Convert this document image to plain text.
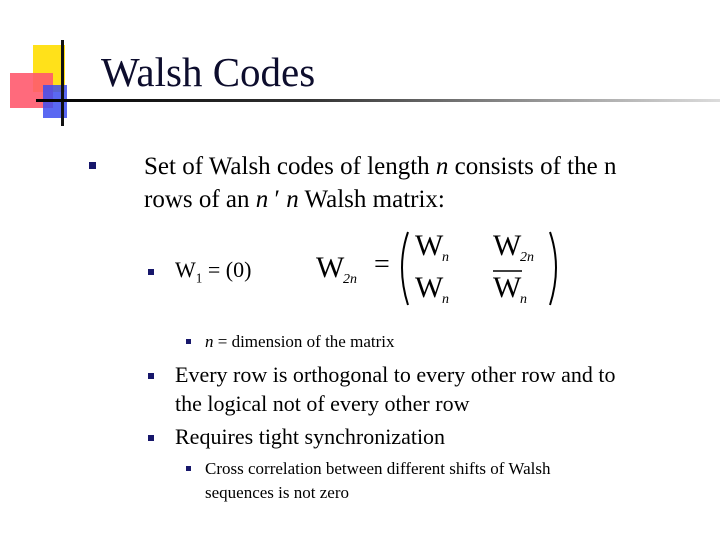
Walsh Codes
Set of Walsh codes of length n consists of the n
rows of an n ′ n Walsh matrix:
$W_1 = (0)$ W
2n =
W
n W
2n
W
n W
n
n = dimension of the matrix
Every row is orthogonal to every other row and to
the logical not of every other row
Requires tight synchronization
Cross correlation between different shifts of Walsh
sequences is not zero
